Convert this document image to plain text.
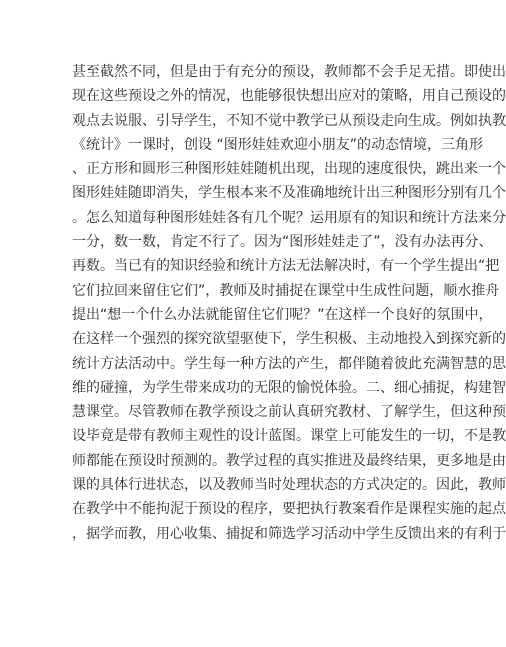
甚至截然不同，但是由于有充分的预设，教师都不会手足无措。即使出
现在这些预设之外的情况，也能够很快想出应对的策略，用自己预设的
观点去说服、引导学生，不知不觉中教学已从预设走向生成。例如执教
《统计》一课时，创设 “图形娃娃欢迎小朋友”的动态情境，三角形
、正方形和圆形三种图形娃娃随机出现，出现的速度很快，跳出来一个
图形娃娃随即消失，学生根本来不及准确地统计出三种图形分别有几个
。怎么知道每种图形娃娃各有几个呢？运用原有的知识和统计方法来分
一分，数一数，肯定不行了。因为“图形娃娃走了”，没有办法再分、
再数。当已有的知识经验和统计方法无法解决时，有一个学生提出“把
它们拉回来留住它们”，教师及时捕捉在课堂中生成性问题，顺水推舟
提出“想一个什么办法就能留住它们呢？”在这样一个良好的氛围中，
在这样一个强烈的探究欲望驱使下，学生积极、主动地投入到探究新的
统计方法活动中。学生每一种方法的产生，都伴随着彼此充满智慧的思
维的碰撞，为学生带来成功的无限的愉悦体验。二、细心捕捉，构建智
慧课堂。尽管教师在教学预设之前认真研究教材、了解学生，但这种预
设毕竟是带有教师主观性的设计蓝图。课堂上可能发生的一切，不是教
师都能在预设时预测的。教学过程的真实推进及最终结果，更多地是由
课的具体行进状态，以及教师当时处理状态的方式决定的。因此，教师
在教学中不能拘泥于预设的程序，要把执行教案看作是课程实施的起点
，据学而教，用心收集、捕捉和筛选学习活动中学生反馈出来的有利于
